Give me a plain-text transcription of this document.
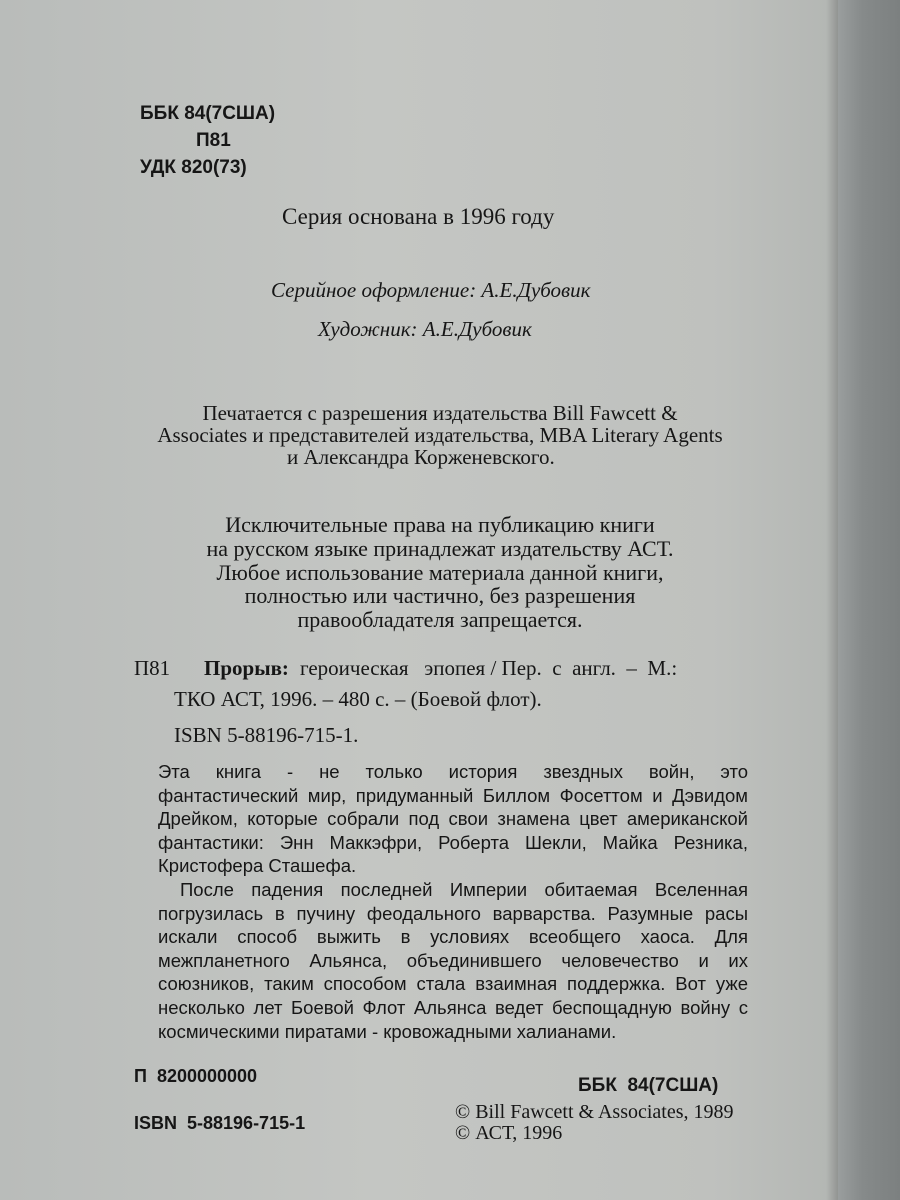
ББК 84(7США)
П81
УДК 820(73)
Серия основана в 1996 году
Серийное оформление: А.Е.Дубовик
Художник: А.Е.Дубовик
Печатается с разрешения издательства Bill Fawcett &
Associates и представителей издательства, MBA Literary Agents
и Александра Корженевского.
Исключительные права на публикацию книги
на русском языке принадлежат издательству АСТ.
Любое использование материала данной книги,
полностью или частично, без разрешения
правообладателя запрещается.
П81 Прорыв: героическая   эпопея / Пер.  с  англ.  –  М.:
ТКО АСТ, 1996. – 480 с. – (Боевой флот).
ISBN 5-88196-715-1.
Эта книга - не только история звездных войн, это
фантастический мир, придуманный Биллом Фосеттом и Дэвидом
Дрейком, которые собрали под свои знамена цвет американской
фантастики: Энн Маккэфри, Роберта Шекли, Майка Резника,
Кристофера Сташефа.
После падения последней Империи обитаемая Вселенная
погрузилась в пучину феодального варварства. Разумные расы
искали способ выжить в условиях всеобщего хаоса. Для
межпланетного Альянса, объединившего человечество и их
союзников, таким способом стала взаимная поддержка. Вот уже
несколько лет Боевой Флот Альянса ведет беспощадную войну с
космическими пиратами - кровожадными халианами.
П  8200000000
ISBN  5-88196-715-1
ББК  84(7США)
© Bill Fawcett & Associates, 1989
© АСТ, 1996
